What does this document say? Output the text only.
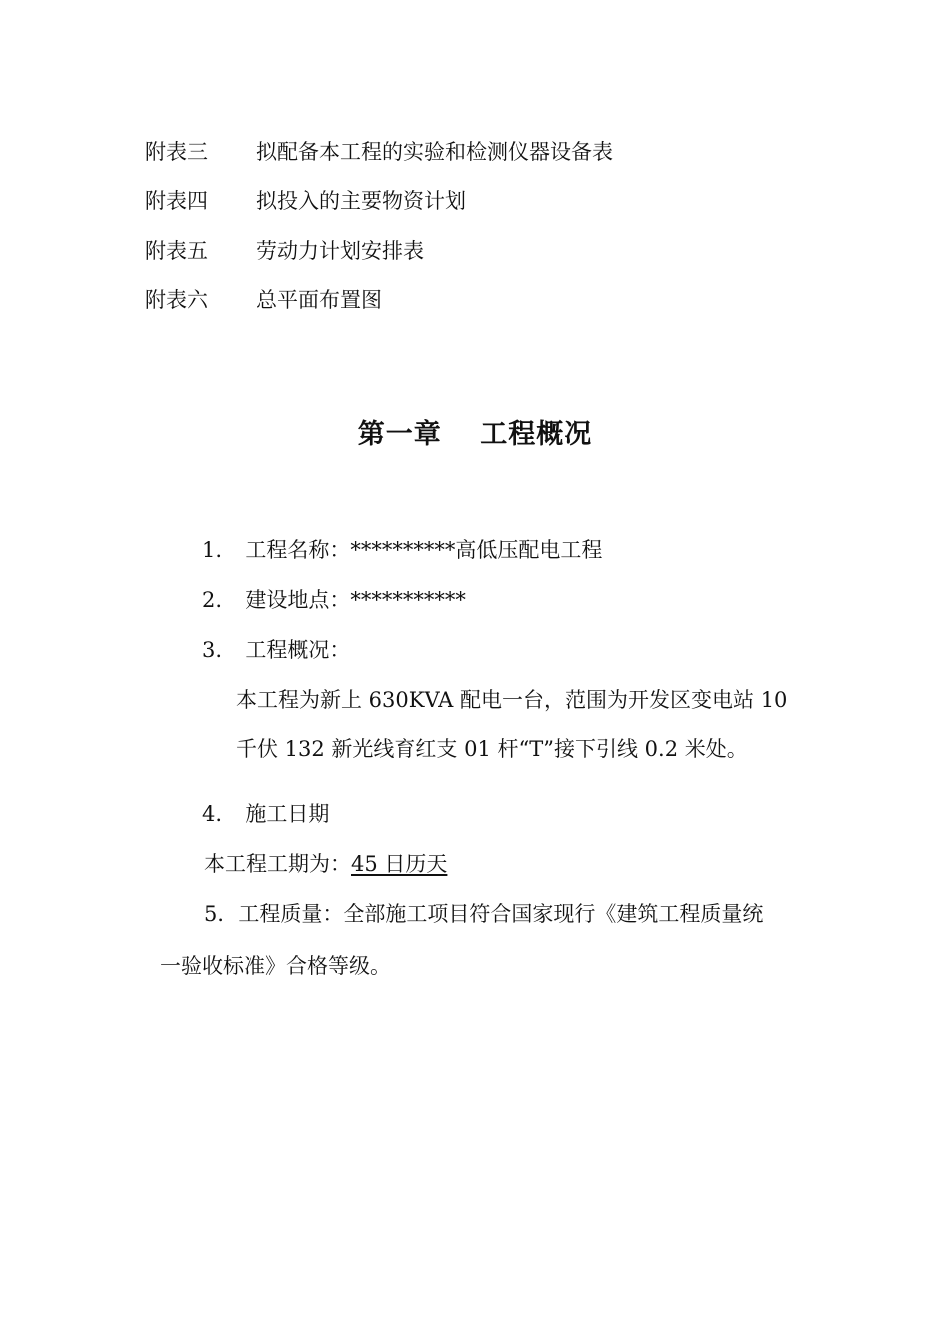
附表三 拟配备本工程的实验和检测仪器设备表
附表四 拟投入的主要物资计划
附表五 劳动力计划安排表
附表六 总平面布置图
第一章　 工程概况
1. 工程名称：**********高低压配电工程
2. 建设地点：***********
3. 工程概况：
本工程为新上 630KVA 配电一台，范围为开发区变电站 10
千伏 132 新光线育红支 01 杆“T”接下引线 0.2 米处。
4. 施工日期
本工程工期为：45 日历天
5．工程质量：全部施工项目符合国家现行《建筑工程质量统
一验收标准》合格等级。
